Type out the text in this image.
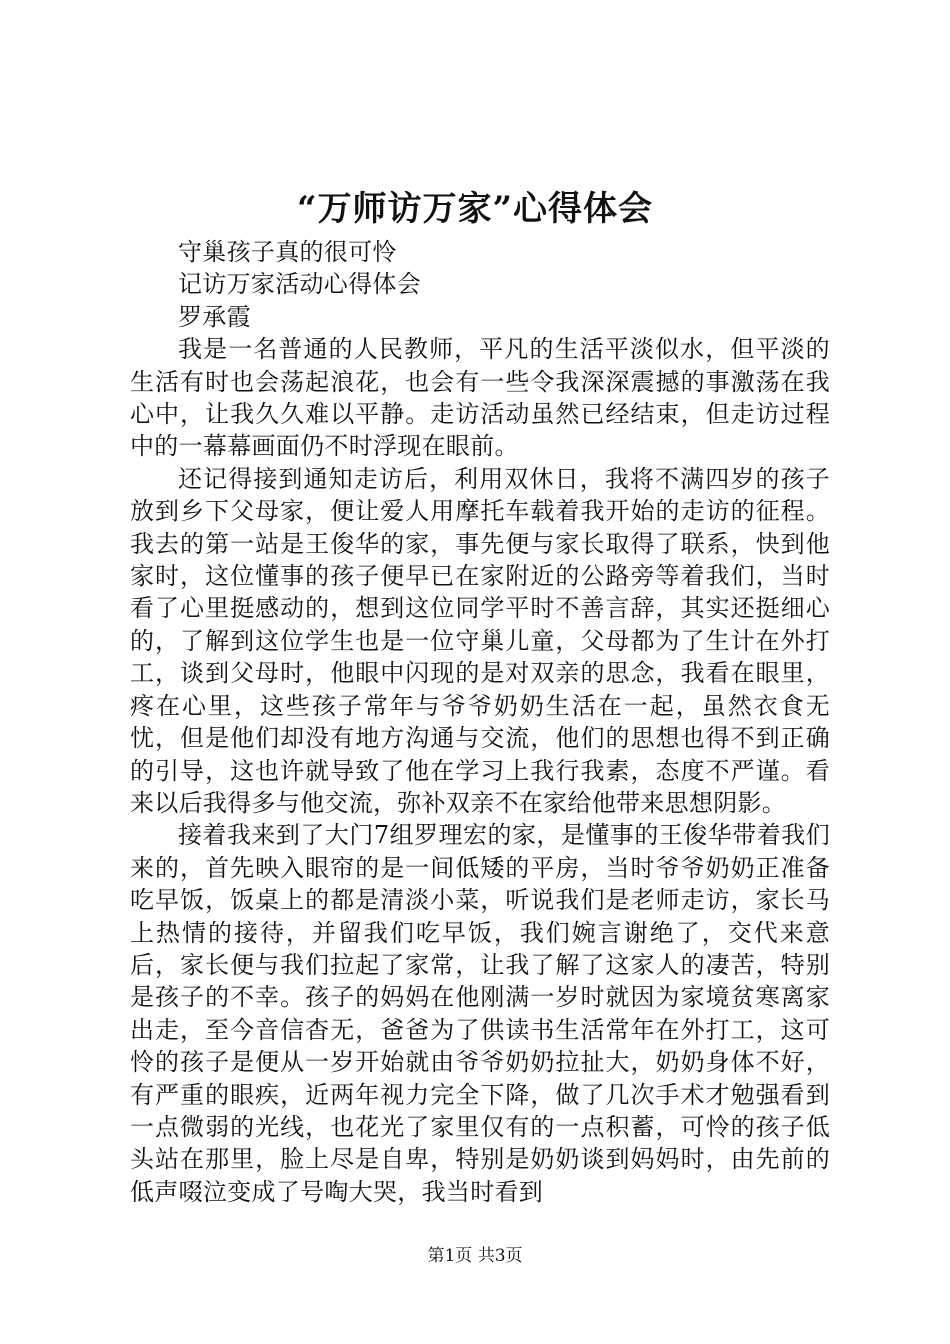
“万师访万家”心得体会

守巢孩子真的很可怜

记访万家活动心得体会

罗承霞

我是一名普通的人民教师，平凡的生活平淡似水，但平淡的生活有时也会荡起浪花，也会有一些令我深深震撼的事激荡在我心中，让我久久难以平静。走访活动虽然已经结束，但走访过程中的一幕幕画面仍不时浮现在眼前。

还记得接到通知走访后，利用双休日，我将不满四岁的孩子放到乡下父母家，便让爱人用摩托车载着我开始的走访的征程。我去的第一站是王俊华的家，事先便与家长取得了联系，快到他家时，这位懂事的孩子便早已在家附近的公路旁等着我们，当时看了心里挺感动的，想到这位同学平时不善言辞，其实还挺细心的，了解到这位学生也是一位守巢儿童，父母都为了生计在外打工，谈到父母时，他眼中闪现的是对双亲的思念，我看在眼里，疼在心里，这些孩子常年与爷爷奶奶生活在一起，虽然衣食无忧，但是他们却没有地方沟通与交流，他们的思想也得不到正确的引导，这也许就导致了他在学习上我行我素，态度不严谨。看来以后我得多与他交流，弥补双亲不在家给他带来思想阴影。

接着我来到了大门7组罗理宏的家，是懂事的王俊华带着我们来的，首先映入眼帘的是一间低矮的平房，当时爷爷奶奶正准备吃早饭，饭桌上的都是清淡小菜，听说我们是老师走访，家长马上热情的接待，并留我们吃早饭，我们婉言谢绝了，交代来意后，家长便与我们拉起了家常，让我了解了这家人的凄苦，特别是孩子的不幸。孩子的妈妈在他刚满一岁时就因为家境贫寒离家出走，至今音信杳无，爸爸为了供读书生活常年在外打工，这可怜的孩子是便从一岁开始就由爷爷奶奶拉扯大，奶奶身体不好，有严重的眼疾，近两年视力完全下降，做了几次手术才勉强看到一点微弱的光线，也花光了家里仅有的一点积蓄，可怜的孩子低头站在那里，脸上尽是自卑，特别是奶奶谈到妈妈时，由先前的低声啜泣变成了号啕大哭，我当时看到

第1页 共3页
